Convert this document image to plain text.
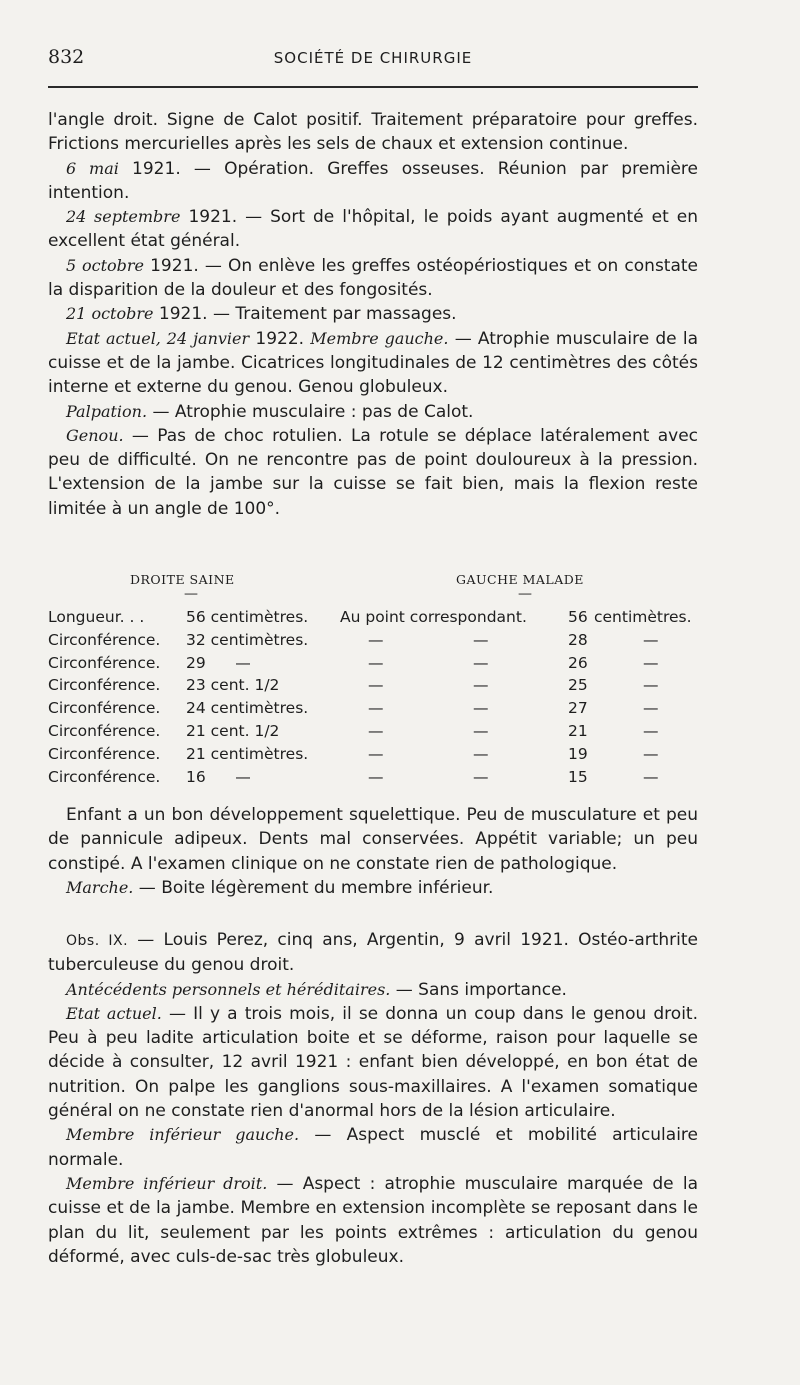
832	SOCIÉTÉ DE CHIRURGIE

l'angle droit. Signe de Calot positif. Traitement préparatoire pour greffes. Frictions mercurielles après les sels de chaux et extension continue.

6 mai 1921. — Opération. Greffes osseuses. Réunion par première intention.

24 septembre 1921. — Sort de l'hôpital, le poids ayant augmenté et en excellent état général.

5 octobre 1921. — On enlève les greffes ostéopériostiques et on constate la disparition de la douleur et des fongosités.

21 octobre 1921. — Traitement par massages.

Etat actuel, 24 janvier 1922. Membre gauche. — Atrophie musculaire de la cuisse et de la jambe. Cicatrices longitudinales de 12 centimètres des côtés interne et externe du genou. Genou globuleux.

Palpation. — Atrophie musculaire : pas de Calot.

Genou. — Pas de choc rotulien. La rotule se déplace latéralement avec peu de difficulté. On ne rencontre pas de point douloureux à la pression. L'extension de la jambe sur la cuisse se fait bien, mais la flexion reste limitée à un angle de 100°.

DROITE SAINE
—
GAUCHE MALADE
—
Longueur. . .	56 centimètres. Au point correspondant.	56 centimètres.
Circonférence. 32 centimètres.	—	—	28	—
Circonférence. 29      —	—	—	26	—
Circonférence. 23 cent. 1/2	—	—	25	—
Circonférence. 24 centimètres.	—	—	27	—
Circonférence. 21 cent. 1/2	—	—	21	—
Circonférence. 21 centimètres.	—	—	19	—
Circonférence. 16      —	—	—	15	—

Enfant a un bon développement squelettique. Peu de musculature et peu de pannicule adipeux. Dents mal conservées. Appétit variable; un peu constipé. A l'examen clinique on ne constate rien de pathologique.

Marche. — Boite légèrement du membre inférieur.

Obs. IX. — Louis Perez, cinq ans, Argentin, 9 avril 1921. Ostéo-arthrite tuberculeuse du genou droit.

Antécédents personnels et héréditaires. — Sans importance.

Etat actuel. — Il y a trois mois, il se donna un coup dans le genou droit. Peu à peu ladite articulation boite et se déforme, raison pour laquelle se décide à consulter, 12 avril 1921 : enfant bien développé, en bon état de nutrition. On palpe les ganglions sous-maxillaires. A l'examen somatique général on ne constate rien d'anormal hors de la lésion articulaire.

Membre inférieur gauche. — Aspect musclé et mobilité articulaire normale.

Membre inférieur droit. — Aspect : atrophie musculaire marquée de la cuisse et de la jambe. Membre en extension incomplète se reposant dans le plan du lit, seulement par les points extrêmes : articulation du genou déformé, avec culs-de-sac très globuleux.
